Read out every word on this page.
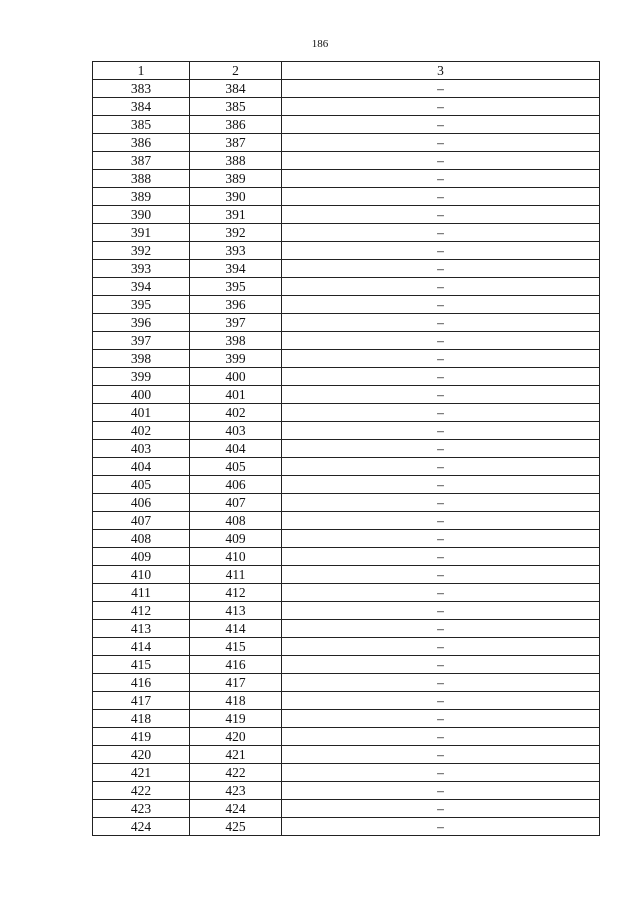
186
1	2	3
383	384	–
384	385	–
385	386	–
386	387	–
387	388	–
388	389	–
389	390	–
390	391	–
391	392	–
392	393	–
393	394	–
394	395	–
395	396	–
396	397	–
397	398	–
398	399	–
399	400	–
400	401	–
401	402	–
402	403	–
403	404	–
404	405	–
405	406	–
406	407	–
407	408	–
408	409	–
409	410	–
410	411	–
411	412	–
412	413	–
413	414	–
414	415	–
415	416	–
416	417	–
417	418	–
418	419	–
419	420	–
420	421	–
421	422	–
422	423	–
423	424	–
424	425	–
